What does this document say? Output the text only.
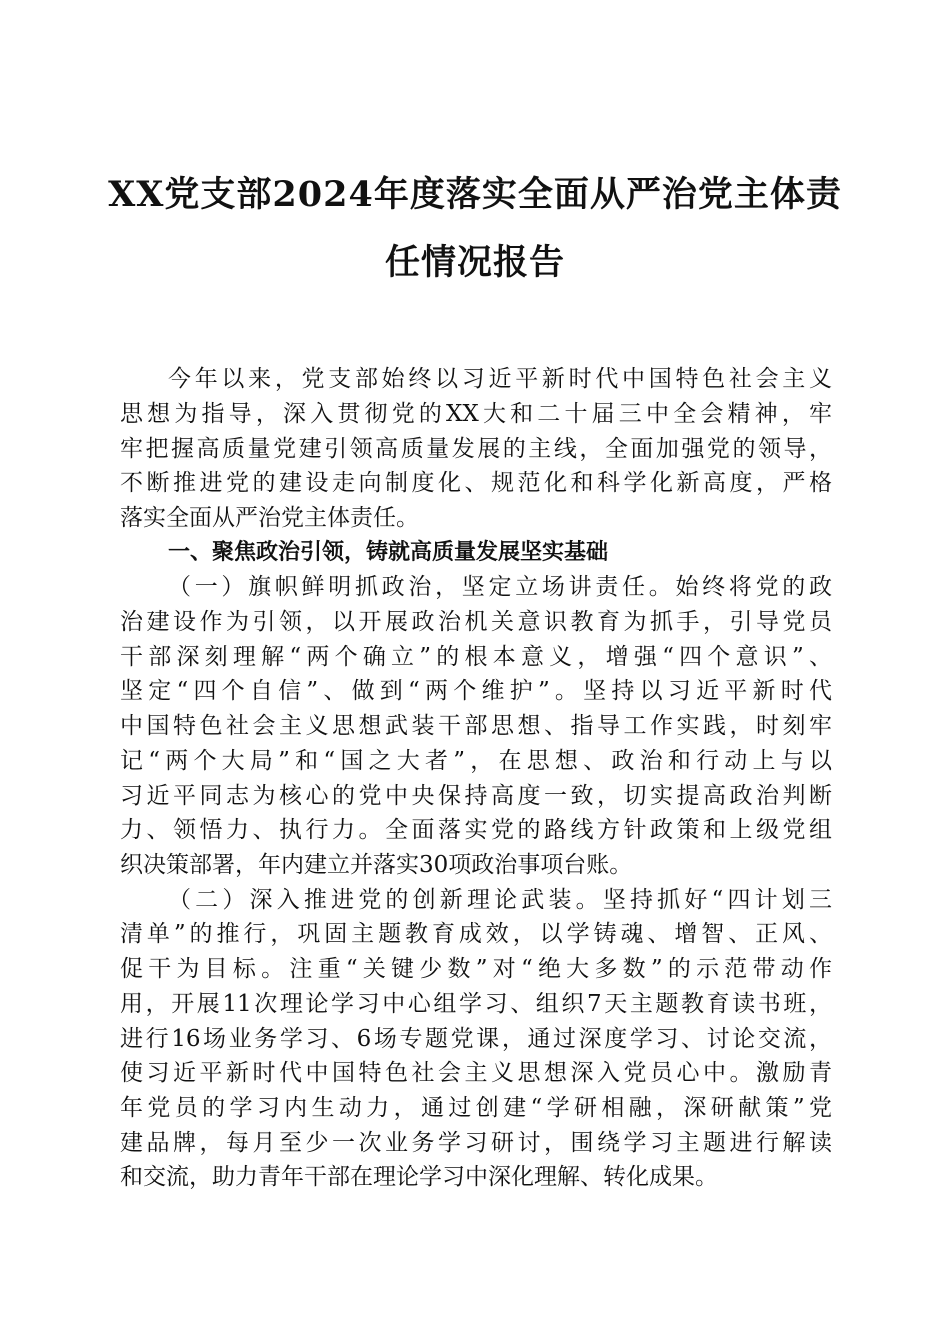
XX党支部2024年度落实全面从严治党主体责
任情况报告
今年以来，党支部始终以习近平新时代中国特色社会主义
思想为指导，深入贯彻党的XX大和二十届三中全会精神，牢
牢把握高质量党建引领高质量发展的主线，全面加强党的领导，
不断推进党的建设走向制度化、规范化和科学化新高度，严格
落实全面从严治党主体责任。
一、聚焦政治引领，铸就高质量发展坚实基础
（一）旗帜鲜明抓政治，坚定立场讲责任。始终将党的政
治建设作为引领，以开展政治机关意识教育为抓手，引导党员
干部深刻理解“两个确立”的根本意义，增强“四个意识”、
坚定“四个自信”、做到“两个维护”。坚持以习近平新时代
中国特色社会主义思想武装干部思想、指导工作实践，时刻牢
记“两个大局”和“国之大者”，在思想、政治和行动上与以
习近平同志为核心的党中央保持高度一致，切实提高政治判断
力、领悟力、执行力。全面落实党的路线方针政策和上级党组
织决策部署，年内建立并落实30项政治事项台账。
（二）深入推进党的创新理论武装。坚持抓好“四计划三
清单”的推行，巩固主题教育成效，以学铸魂、增智、正风、
促干为目标。注重“关键少数”对“绝大多数”的示范带动作
用，开展11次理论学习中心组学习、组织7天主题教育读书班，
进行16场业务学习、6场专题党课，通过深度学习、讨论交流，
使习近平新时代中国特色社会主义思想深入党员心中。激励青
年党员的学习内生动力，通过创建“学研相融，深研献策”党
建品牌，每月至少一次业务学习研讨，围绕学习主题进行解读
和交流，助力青年干部在理论学习中深化理解、转化成果。
